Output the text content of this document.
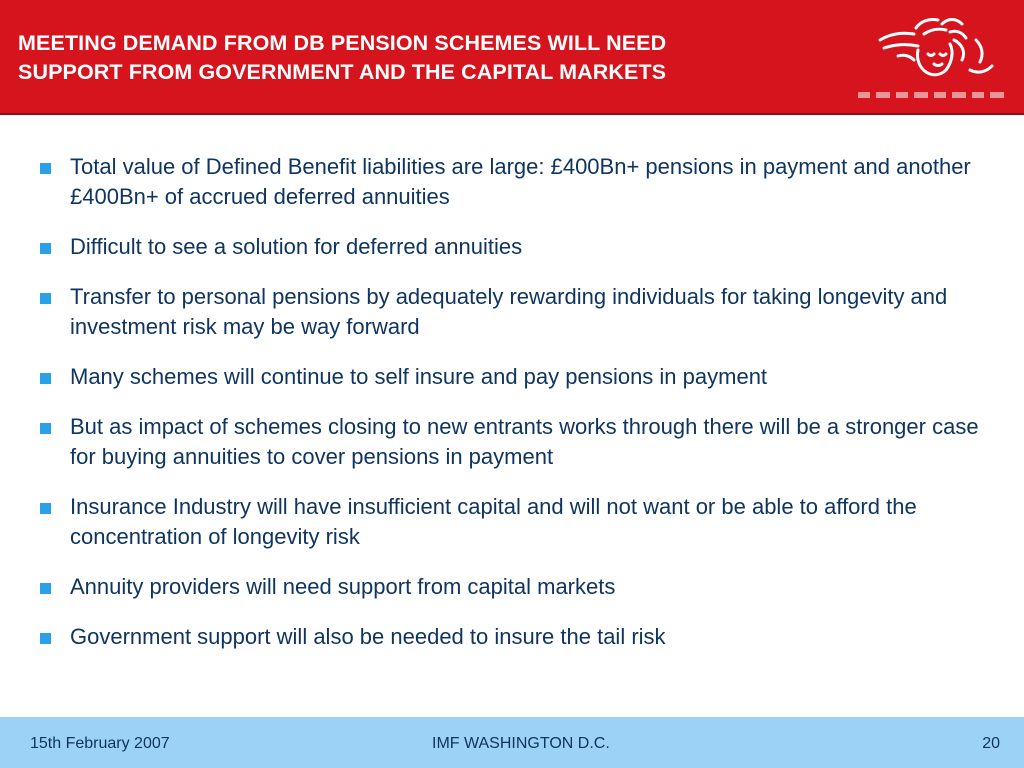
MEETING DEMAND FROM DB PENSION SCHEMES WILL NEED
SUPPORT FROM GOVERNMENT AND THE CAPITAL MARKETS
Total value of Defined Benefit liabilities are large: £400Bn+ pensions in payment and another £400Bn+ of accrued deferred annuities
Difficult to see a solution for deferred annuities
Transfer to personal pensions by adequately rewarding individuals for taking longevity and investment risk may be way forward
Many schemes will continue to self insure and pay pensions in payment
But as impact of schemes closing to new entrants works through there will be a stronger case for buying annuities to cover pensions in payment
Insurance Industry will have insufficient capital and will not want or be able to afford the concentration of longevity risk
Annuity providers will need support from capital markets
Government support will also be needed to insure the tail risk
15th February 2007	IMF WASHINGTON D.C.	20
